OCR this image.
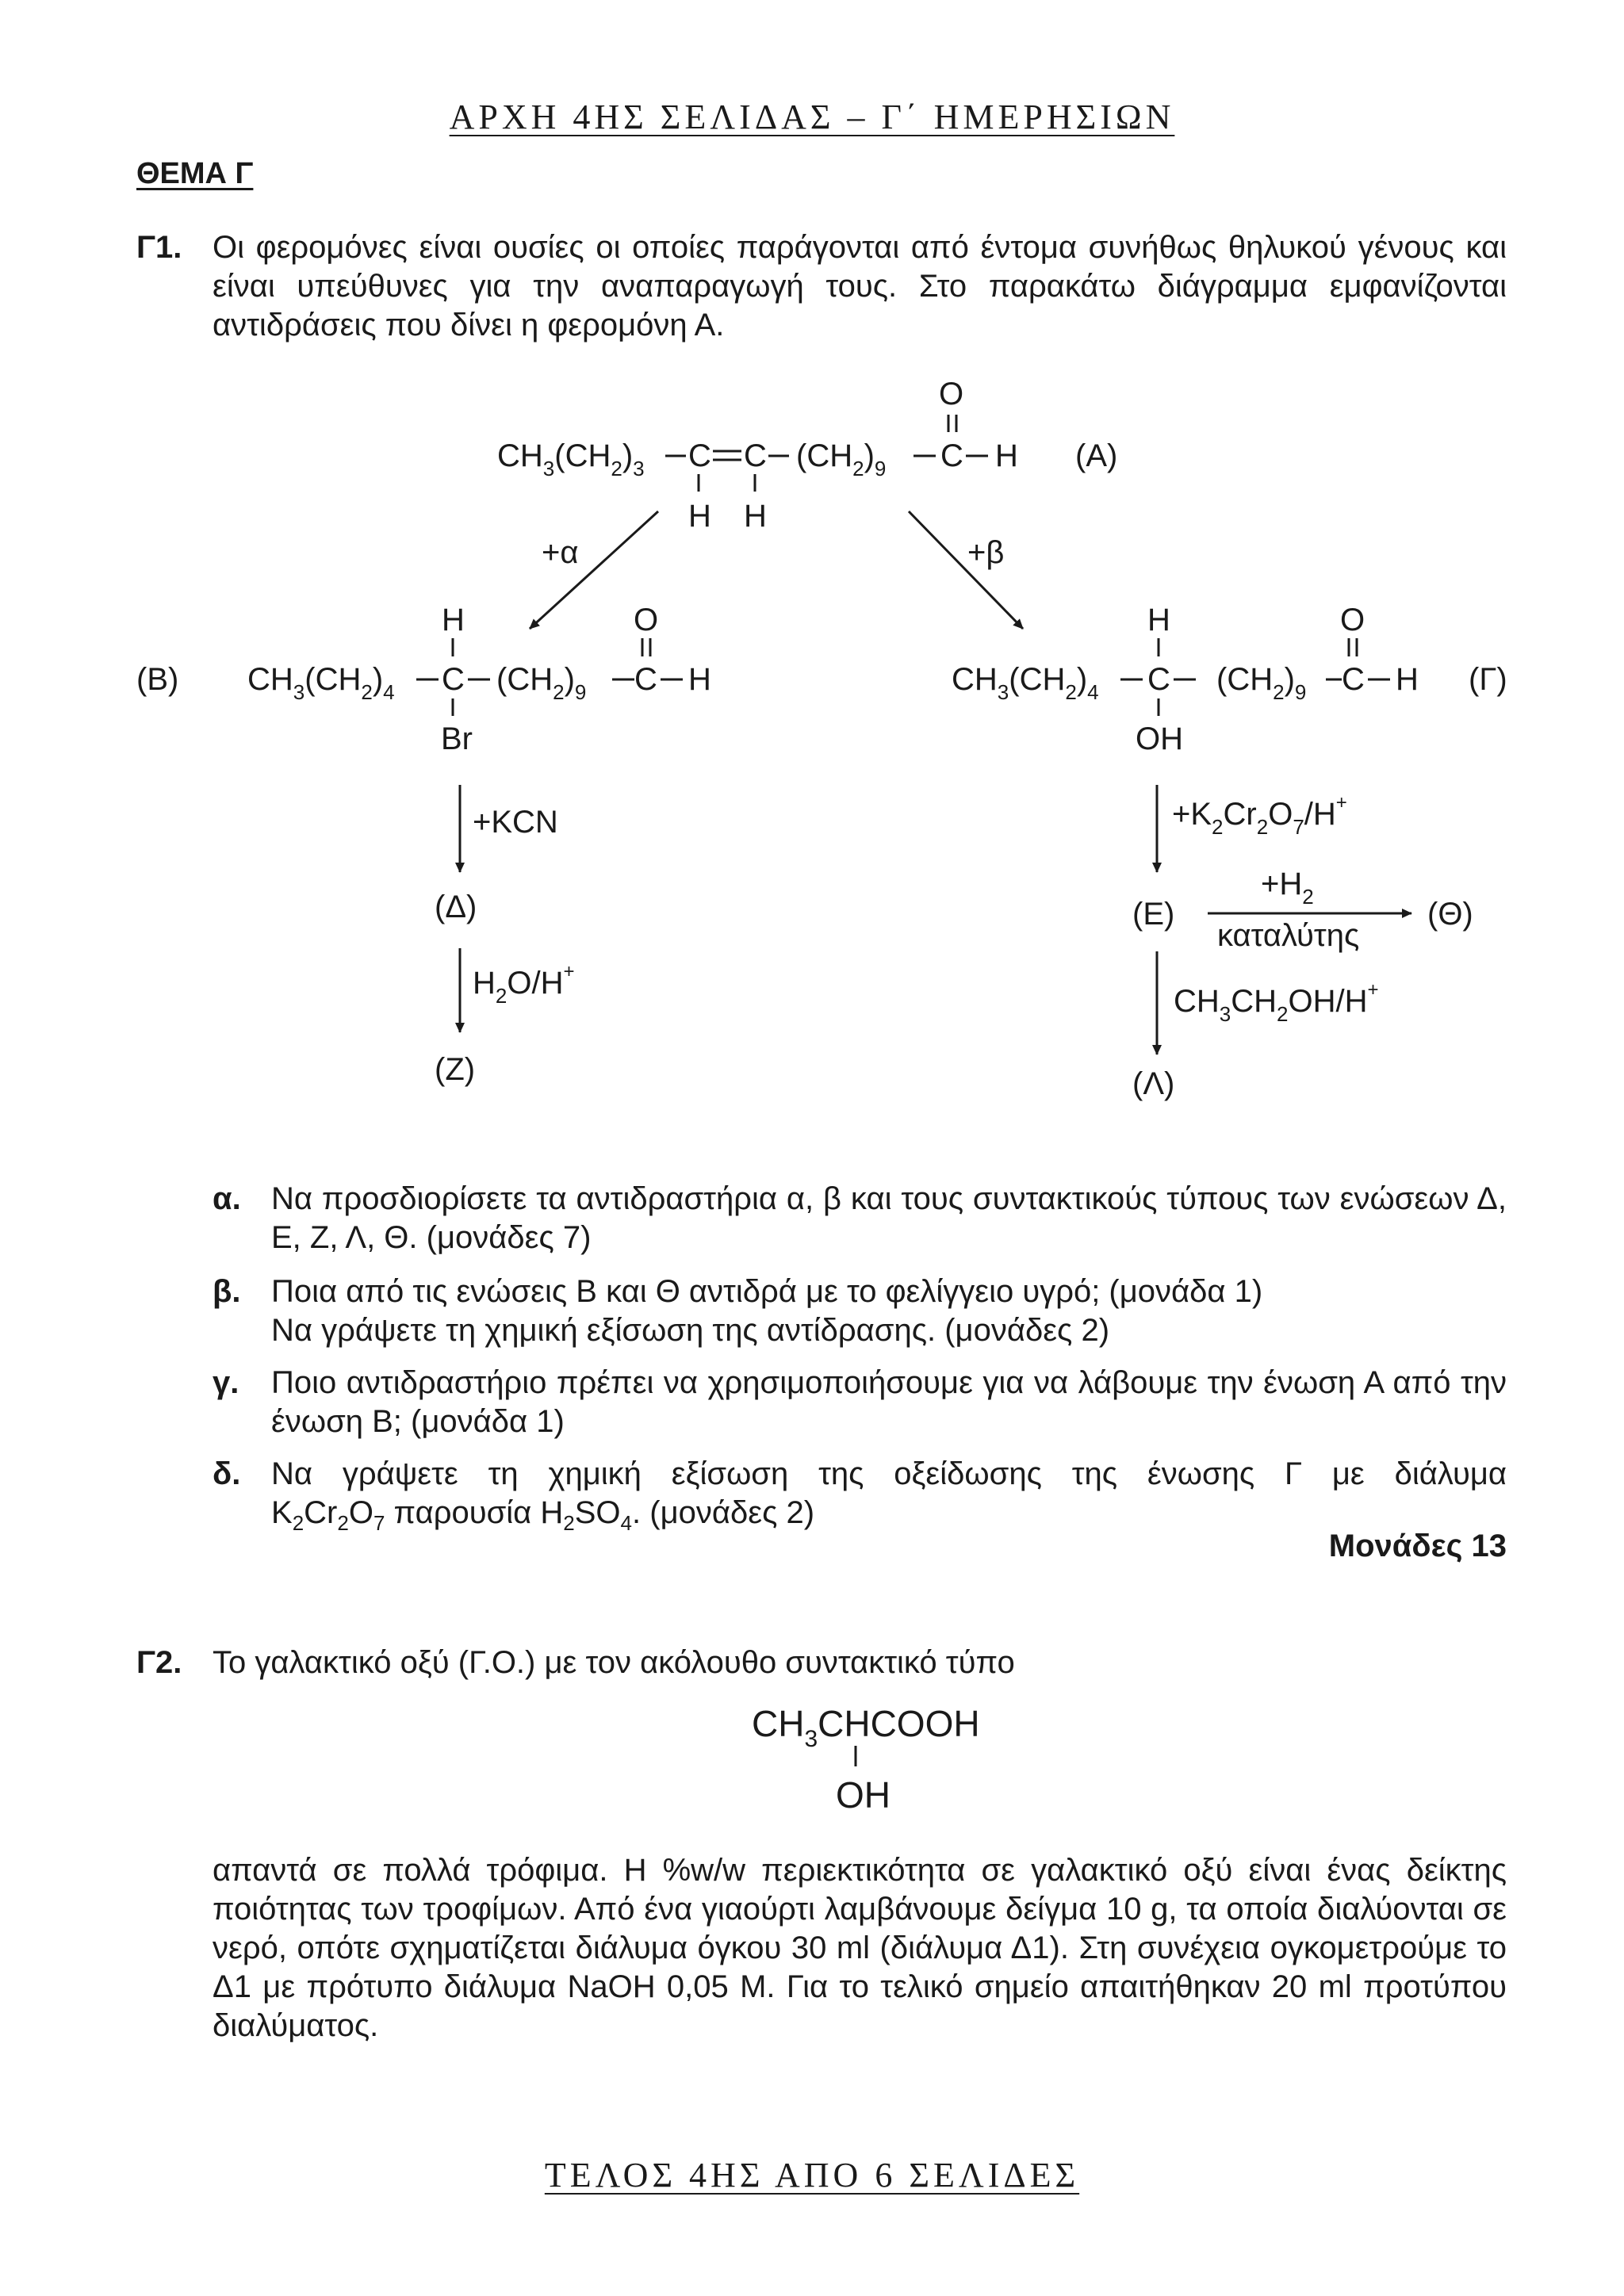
ΑΡΧΗ 4ΗΣ ΣΕΛΙΔΑΣ – Γ΄ ΗΜΕΡΗΣΙΩΝ
ΘΕΜΑ Γ
Γ1. Οι φερομόνες είναι ουσίες οι οποίες παράγονται από έντομα συνήθως θηλυκού γένους και είναι υπεύθυνες για την αναπαραγωγή τους. Στο παρακάτω διάγραμμα εμφανίζονται αντιδράσεις που δίνει η φερομόνη Α.
$CH_3(CH_2)_3$ C C $(CH_2)_9$ C H
O
H H
(Α)
+α	+β
(Β) $CH_3(CH_2)_4$ C $(CH_2)_9$ C H
H	O
Br
$CH_3(CH_2)_4$ C $(CH_2)_9$ C H
H	O
OH
(Γ)
+KCN
(Δ)
$H_2O/H^+$
(Ζ)
$+K_2Cr_2O_7/H^+$
(Ε)
$+H_2$
καταλύτης
(Θ)
$CH_3CH_2OH/H^+$
(Λ)
α. Να προσδιορίσετε τα αντιδραστήρια α, β και τους συντακτικούς τύπους των ενώσεων Δ, Ε, Ζ, Λ, Θ. (μονάδες 7)
β. Ποια από τις ενώσεις Β και Θ αντιδρά με το φελίγγειο υγρό; (μονάδα 1)
Να γράψετε τη χημική εξίσωση της αντίδρασης. (μονάδες 2)
γ. Ποιο αντιδραστήριο πρέπει να χρησιμοποιήσουμε για να λάβουμε την ένωση Α από την ένωση Β; (μονάδα 1)
δ. Να γράψετε τη χημική εξίσωση της οξείδωσης της ένωσης Γ με διάλυμα
$K_2Cr_2O_7$ παρουσία $H_2SO_4$. (μονάδες 2)
Μονάδες 13
Γ2. Το γαλακτικό οξύ (Γ.Ο.) με τον ακόλουθο συντακτικό τύπο
$CH_3CHCOOH$
OH
απαντά σε πολλά τρόφιμα. Η %w/w περιεκτικότητα σε γαλακτικό οξύ είναι ένας δείκτης ποιότητας των τροφίμων. Από ένα γιαούρτι λαμβάνουμε δείγμα 10 g, τα οποία διαλύονται σε νερό, οπότε σχηματίζεται διάλυμα όγκου 30 ml (διάλυμα Δ1). Στη συνέχεια ογκομετρούμε το Δ1 με πρότυπο διάλυμα NaOH 0,05 M. Για το τελικό σημείο απαιτήθηκαν 20 ml προτύπου διαλύματος.
ΤΕΛΟΣ 4ΗΣ ΑΠΟ 6 ΣΕΛΙΔΕΣ
